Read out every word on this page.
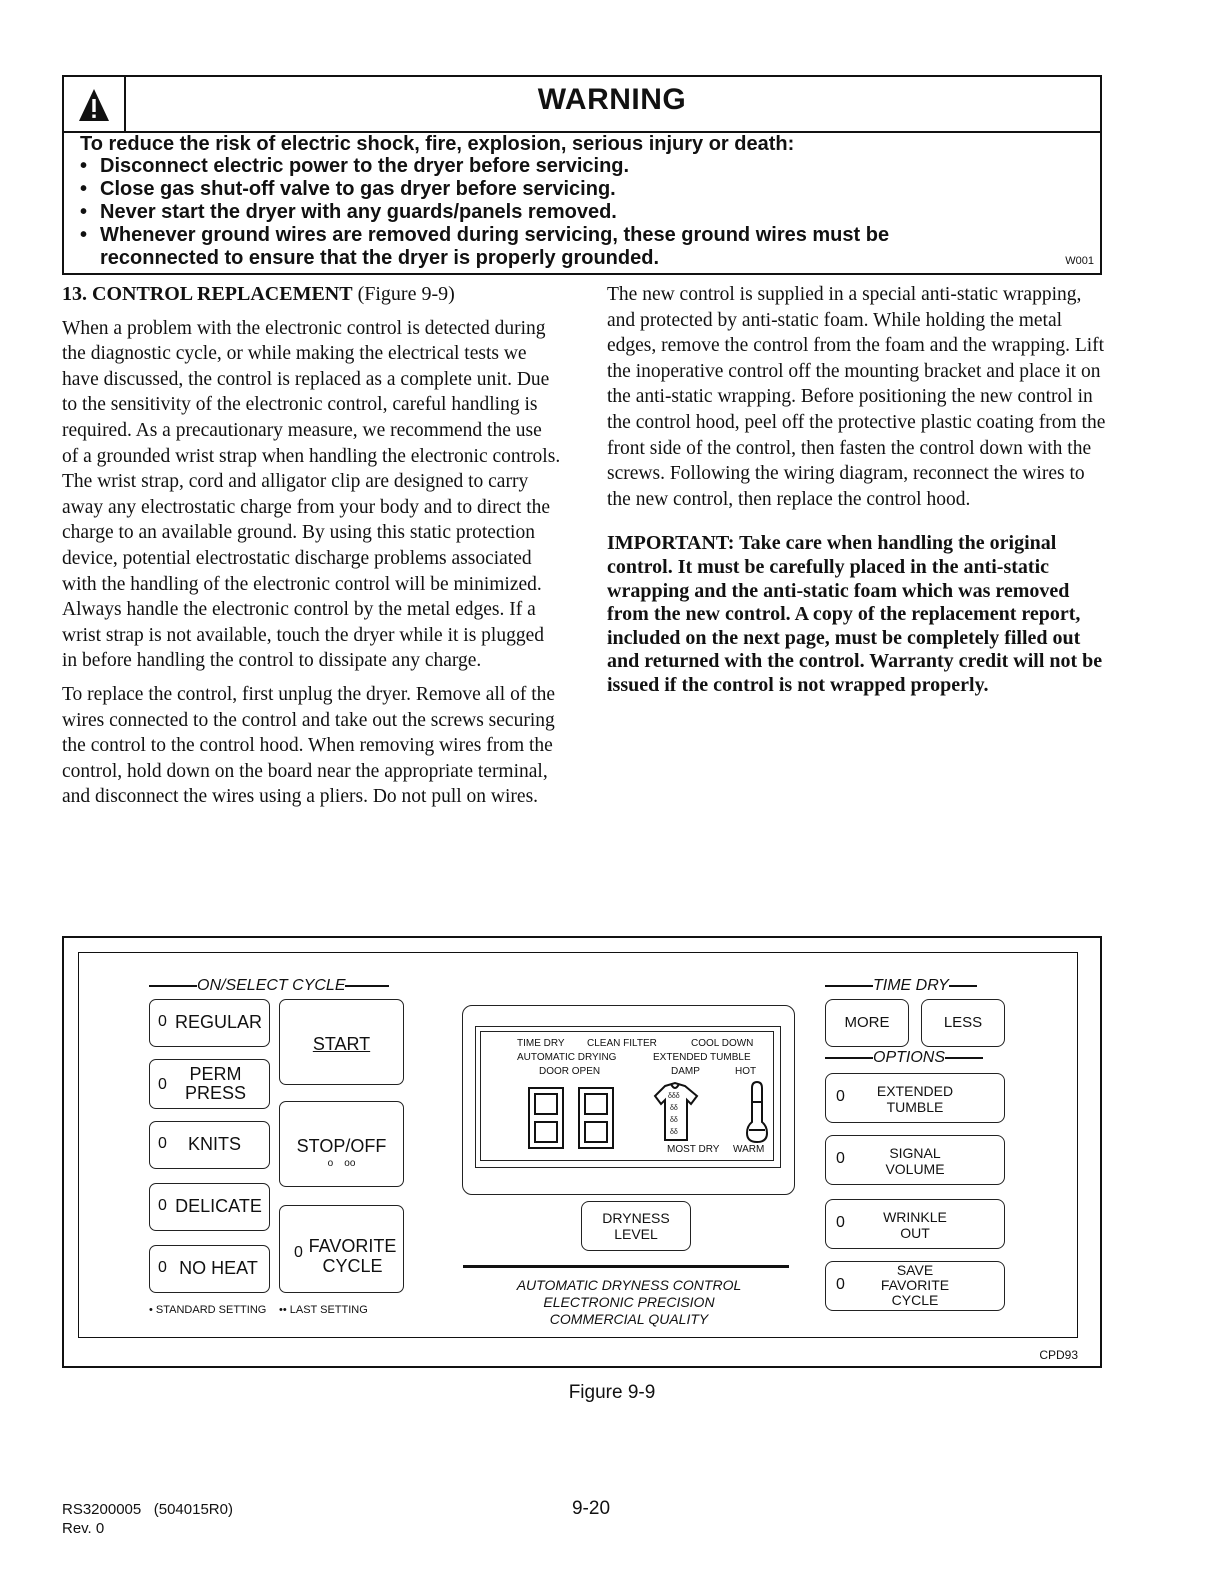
WARNING
To reduce the risk of electric shock, fire, explosion, serious injury or death:
• Disconnect electric power to the dryer before servicing.
• Close gas shut-off valve to gas dryer before servicing.
• Never start the dryer with any guards/panels removed.
• Whenever ground wires are removed during servicing, these ground wires must be
reconnected to ensure that the dryer is properly grounded.	W001
13. CONTROL REPLACEMENT (Figure 9-9)

When a problem with the electronic control is detected during the diagnostic cycle, or while making the electrical tests we have discussed, the control is replaced as a complete unit. Due to the sensitivity of the electronic control, careful handling is required. As a precautionary measure, we recommend the use of a grounded wrist strap when handling the electronic controls. The wrist strap, cord and alligator clip are designed to carry away any electrostatic charge from your body and to direct the charge to an available ground. By using this static protection device, potential electrostatic discharge problems associated with the handling of the electronic control will be minimized. Always handle the electronic control by the metal edges. If a wrist strap is not available, touch the dryer while it is plugged in before handling the control to dissipate any charge.

To replace the control, first unplug the dryer. Remove all of the wires connected to the control and take out the screws securing the control to the control hood. When removing wires from the control, hold down on the board near the appropriate terminal, and disconnect the wires using a pliers. Do not pull on wires.

The new control is supplied in a special anti-static wrapping, and protected by anti-static foam. While holding the metal edges, remove the control from the foam and the wrapping. Lift the inoperative control off the mounting bracket and place it on the anti-static wrapping. Before positioning the new control in the control hood, peel off the protective plastic coating from the front side of the control, then fasten the control down with the screws. Following the wiring diagram, reconnect the wires to the new control, then replace the control hood.

IMPORTANT: Take care when handling the original control. It must be carefully placed in the anti-static wrapping and the anti-static foam which was removed from the new control. A copy of the replacement report, included on the next page, must be completely filled out and returned with the control. Warranty credit will not be issued if the control is not wrapped properly.

ON/SELECT CYCLE
0 REGULAR
0
PERM
PRESS
0	KNITS
0 DELICATE
0 NO HEAT
START
STOP/OFF
o    oo
0 FAVORITE
CYCLE
• STANDARD SETTING •• LAST SETTING
TIME DRY CLEAN FILTER	COOL DOWN
AUTOMATIC DRYING	EXTENDED TUMBLE
DOOR OPEN	DAMP	HOT
δδδ
δδ
δδ
δδ
MOST DRY WARM
DRYNESS
LEVEL
AUTOMATIC DRYNESS CONTROL
ELECTRONIC PRECISION
COMMERCIAL QUALITY
TIME DRY
MORE	LESS
OPTIONS
0 EXTENDED
TUMBLE
0	SIGNAL
VOLUME
0	WRINKLE
OUT
0
SAVE
FAVORITE
CYCLE
CPD93
Figure 9-9
RS3200005 (504015R0)
Rev. 0
9-20
